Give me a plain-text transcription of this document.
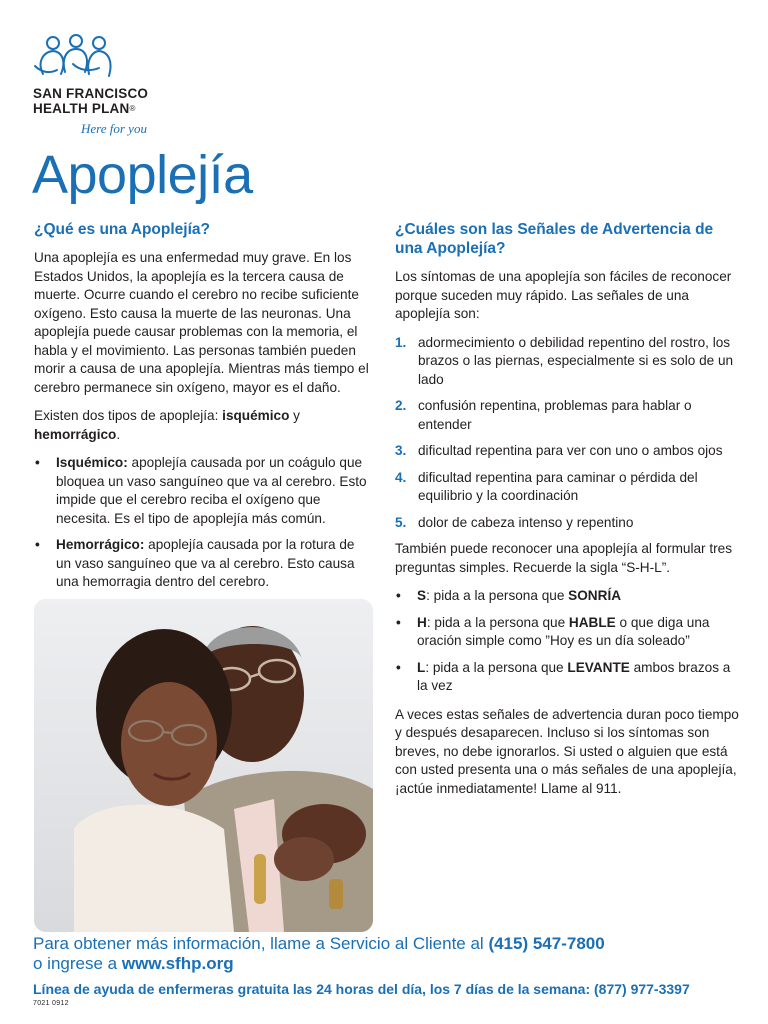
SAN FRANCISCO
HEALTH PLAN®
Here for you
Apoplejía
¿Qué es una Apoplejía?

Una apoplejía es una enfermedad muy grave. En los Estados Unidos, la apoplejía es la tercera causa de muerte. Ocurre cuando el cerebro no recibe suficiente oxígeno. Esto causa la muerte de las neuronas. Una apoplejía puede causar problemas con la memoria, el habla y el movimiento. Las personas también pueden morir a causa de una apoplejía. Mientras más tiempo el cerebro permanece sin oxígeno, mayor es el daño.

Existen dos tipos de apoplejía: isquémico y hemorrágico.

• Isquémico: apoplejía causada por un coágulo que bloquea un vaso sanguíneo que va al cerebro. Esto impide que el cerebro reciba el oxígeno que necesita. Es el tipo de apoplejía más común.
• Hemorrágico: apoplejía causada por la rotura de un vaso sanguíneo que va al cerebro. Esto causa una hemorragia dentro del cerebro.
¿Cuáles son las Señales de Advertencia de una Apoplejía?

Los síntomas de una apoplejía son fáciles de reconocer porque suceden muy rápido. Las señales de una apoplejía son:

1. adormecimiento o debilidad repentino del rostro, los brazos o las piernas, especialmente si es solo de un lado
2. confusión repentina, problemas para hablar o entender
3. dificultad repentina para ver con uno o ambos ojos
4. dificultad repentina para caminar o pérdida del equilibrio y la coordinación
5. dolor de cabeza intenso y repentino

También puede reconocer una apoplejía al formular tres preguntas simples. Recuerde la sigla “S-H-L”.

• S: pida a la persona que SONRÍA
• H: pida a la persona que HABLE o que diga una oración simple como ”Hoy es un día soleado”
• L: pida a la persona que LEVANTE ambos brazos a la vez

A veces estas señales de advertencia duran poco tiempo y después desaparecen. Incluso si los síntomas son breves, no debe ignorarlos. Si usted o alguien que está con usted presenta una o más señales de una apoplejía, ¡actúe inmediatamente! Llame al 911.

Para obtener más información, llame a Servicio al Cliente al (415) 547-7800
o ingrese a www.sfhp.org
Línea de ayuda de enfermeras gratuita las 24 horas del día, los 7 días de la semana: (877) 977-3397
7021 0912
